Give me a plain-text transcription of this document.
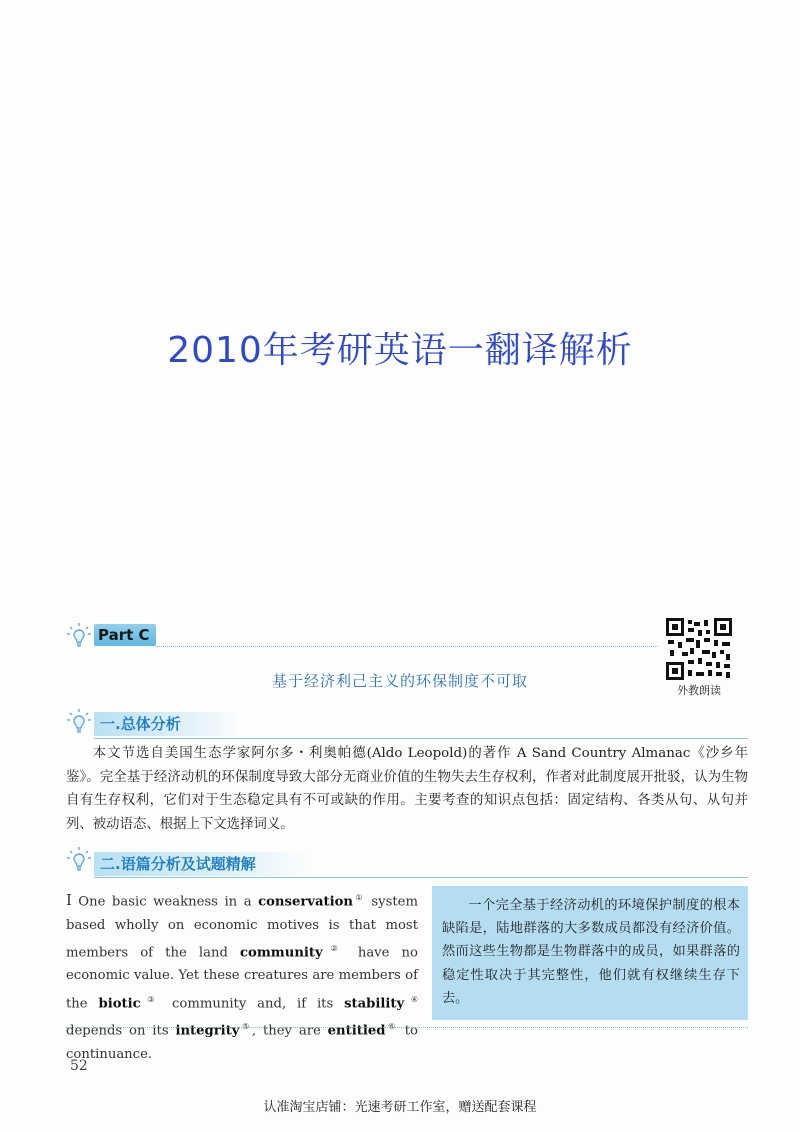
2010年考研英语一翻译解析
Part C
外教朗读
基于经济利己主义的环保制度不可取
一.总体分析

本文节选自美国生态学家阿尔多・利奥帕德(Aldo Leopold)的著作 A Sand Country Almanac《沙乡年鉴》。完全基于经济动机的环保制度导致大部分无商业价值的生物失去生存权利，作者对此制度展开批驳，认为生物自有生存权利，它们对于生态稳定具有不可或缺的作用。主要考查的知识点包括：固定结构、各类从句、从句并列、被动语态、根据上下文选择词义。

二.语篇分析及试题精解

Ⅰ One basic weakness in a conservation① system based wholly on economic motives is that most members of the land community② have no economic value. Yet these creatures are members of the biotic③ community and, if its stability④ depends on its integrity⑤, they are entitled⑥ to continuance.

一个完全基于经济动机的环境保护制度的根本缺陷是，陆地群落的大多数成员都没有经济价值。然而这些生物都是生物群落中的成员，如果群落的稳定性取决于其完整性，他们就有权继续生存下去。

52
认准淘宝店铺：光速考研工作室，赠送配套课程
